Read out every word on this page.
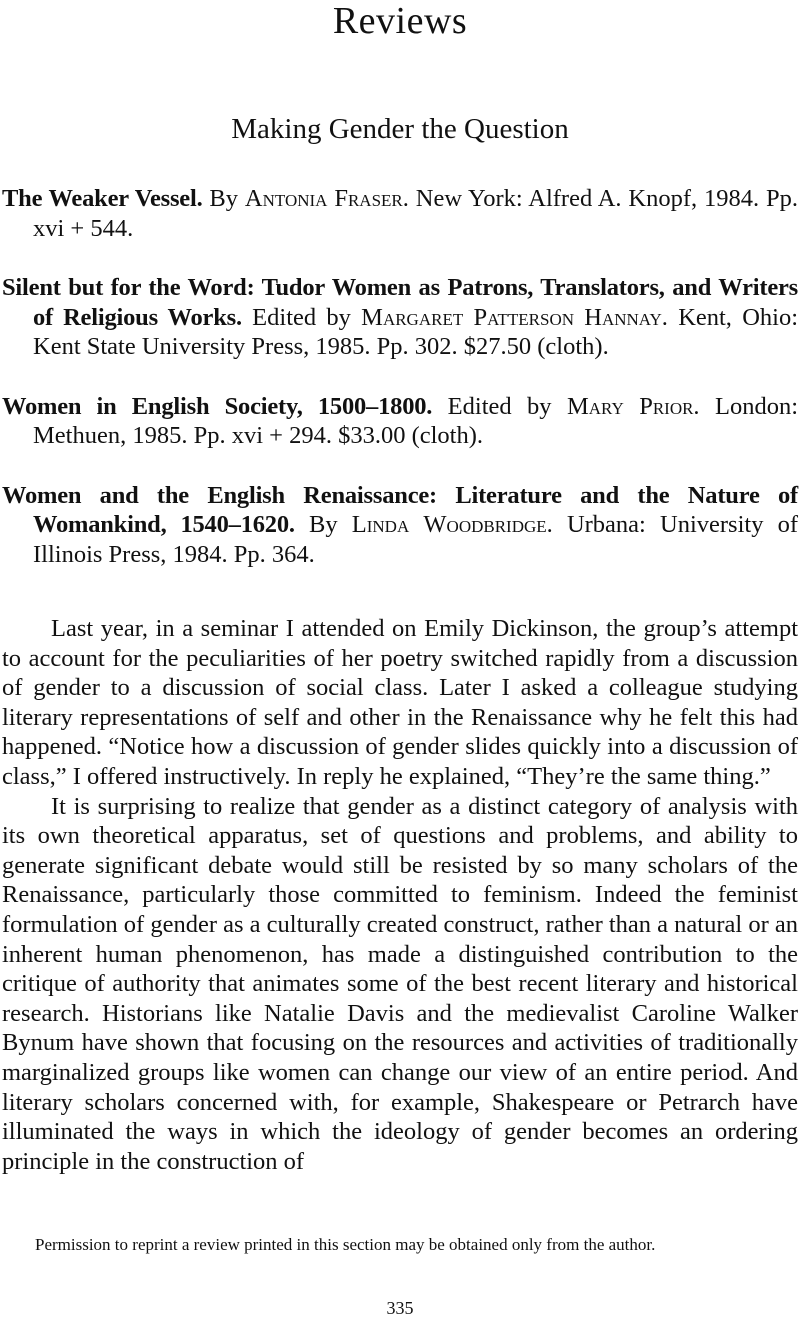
Reviews
Making Gender the Question

The Weaker Vessel. By Antonia Fraser. New York: Alfred A. Knopf, 1984. Pp. xvi + 544.

Silent but for the Word: Tudor Women as Patrons, Translators, and Writers of Religious Works. Edited by Margaret Patterson Hannay. Kent, Ohio: Kent State University Press, 1985. Pp. 302. $27.50 (cloth).

Women in English Society, 1500–1800. Edited by Mary Prior. London: Methuen, 1985. Pp. xvi + 294. $33.00 (cloth).

Women and the English Renaissance: Literature and the Nature of Womankind, 1540–1620. By Linda Woodbridge. Urbana: University of Illinois Press, 1984. Pp. 364.

Last year, in a seminar I attended on Emily Dickinson, the group’s attempt to account for the peculiarities of her poetry switched rapidly from a discussion of gender to a discussion of social class. Later I asked a colleague studying literary representations of self and other in the Renaissance why he felt this had happened. “Notice how a discussion of gender slides quickly into a discussion of class,” I offered instructively. In reply he explained, “They’re the same thing.”

It is surprising to realize that gender as a distinct category of analysis with its own theoretical apparatus, set of questions and problems, and ability to generate significant debate would still be resisted by so many scholars of the Renaissance, particularly those committed to feminism. Indeed the feminist formulation of gender as a culturally created construct, rather than a natural or an inherent human phenomenon, has made a distinguished contribution to the critique of authority that animates some of the best recent literary and historical research. Historians like Natalie Davis and the medievalist Caroline Walker Bynum have shown that focusing on the resources and activities of traditionally marginalized groups like women can change our view of an entire period. And literary scholars concerned with, for example, Shakespeare or Petrarch have illuminated the ways in which the ideology of gender becomes an ordering principle in the construction of

Permission to reprint a review printed in this section may be obtained only from the author.
335
